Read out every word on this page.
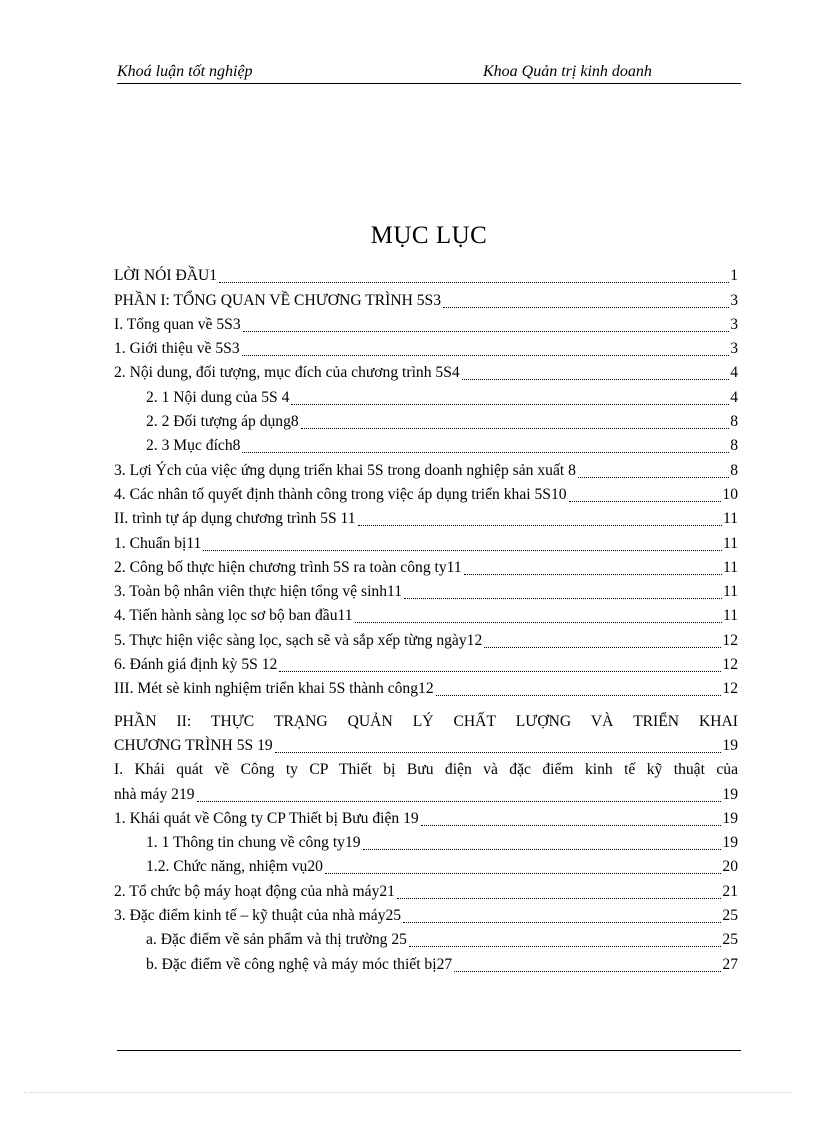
Khoá luận tốt nghiệp	Khoa Quản trị kinh doanh
MỤC LỤC
LỜI NÓI ĐẦU1	1
PHẦN I: TỔNG QUAN VỀ CHƯƠNG TRÌNH 5S3	3
I. Tổng quan về 5S3	3
1. Giới thiệu về 5S3	3
2. Nội dung, đối tượng, mục đích của chương trình 5S4	4
2. 1 Nội dung của 5S 4	4
2. 2 Đối tượng áp dụng8	8
2. 3 Mục đích8	8
3. Lợi Ých của việc ứng dụng triển khai 5S trong doanh nghiệp sản xuất 8	8
4. Các nhân tố quyết định thành công trong việc áp dụng triển khai 5S10	10
II. trình tự áp dụng chương trình 5S 11	11
1. Chuẩn bị11	11
2. Công bố thực hiện chương trình 5S ra toàn công ty11	11
3. Toàn bộ nhân viên thực hiện tổng vệ sinh11	11
4. Tiến hành sàng lọc sơ bộ ban đầu11	11
5. Thực hiện việc sàng lọc, sạch sẽ và sắp xếp từng ngày12	12
6. Đánh giá định kỳ 5S 12	12
III. Mét sè kinh nghiệm triển khai 5S thành công12	12
PHẦN II: THỰC TRẠNG QUẢN LÝ CHẤT LƯỢNG VÀ TRIỂN KHAI
CHƯƠNG TRÌNH 5S 19	19
I. Khái quát về Công ty CP Thiết bị Bưu điện và đặc điểm kinh tế kỹ thuật của
nhà máy 219	19
1. Khái quát về Công ty CP Thiết bị Bưu điện 19	19
1. 1 Thông tin chung về công ty19	19
1.2. Chức năng, nhiệm vụ20	20
2. Tổ chức bộ máy hoạt động của nhà máy21	21
3. Đặc điểm kinh tế – kỹ thuật của nhà máy25	25
a. Đặc điểm về sản phẩm và thị trường 25	25
b. Đặc điểm về công nghệ và máy móc thiết bị27	27
